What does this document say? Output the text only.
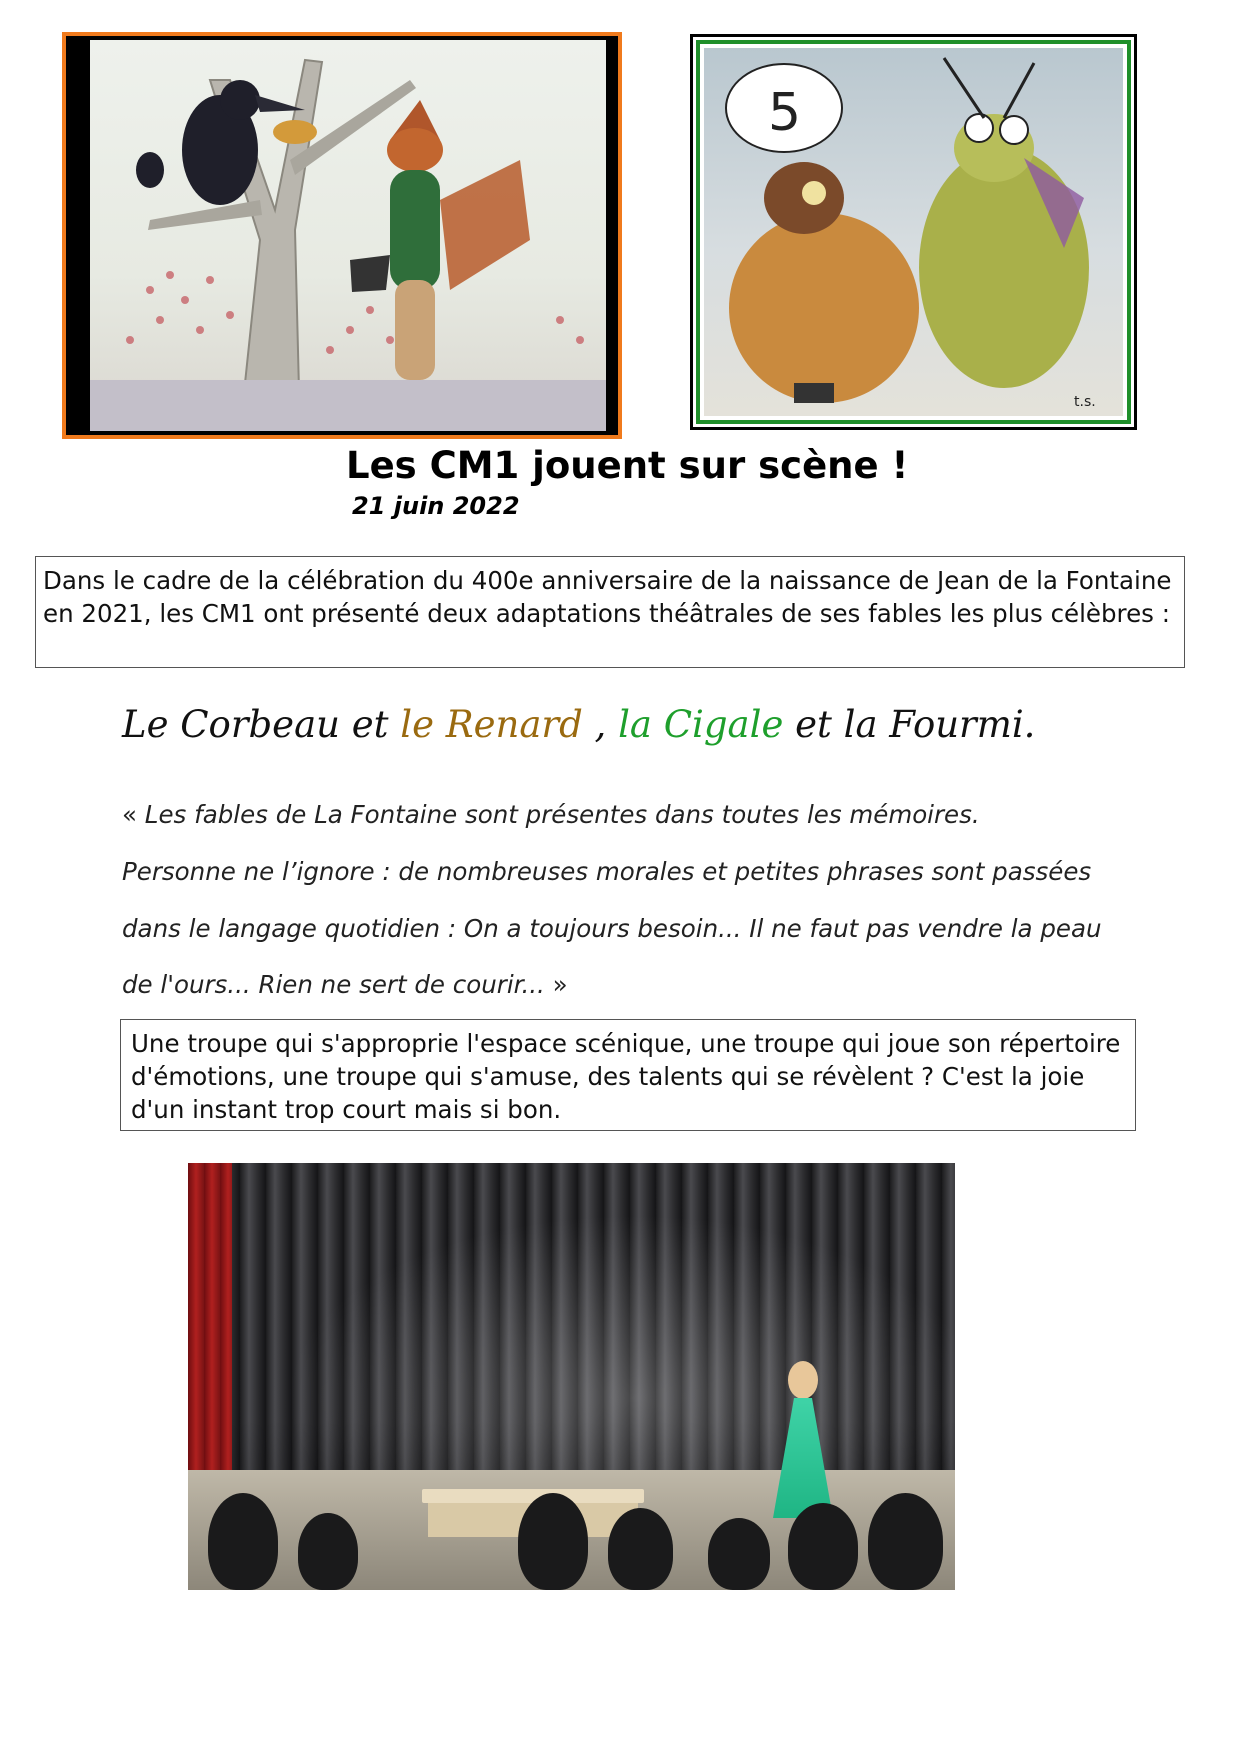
5
t.s.
Les CM1 jouent sur scène !
21 juin 2022
Dans le cadre de la célébration du 400e anniversaire de la naissance de Jean de la Fontaine en 2021, les CM1 ont présenté deux adaptations théâtrales de ses fables les plus célèbres :
Le Corbeau et le Renard , la Cigale et la Fourmi.
« Les fables de La Fontaine sont présentes dans toutes les mémoires.
Personne ne l’ignore : de nombreuses morales et petites phrases sont passées
dans le langage quotidien : On a toujours besoin... Il ne faut pas vendre la peau
de l'ours... Rien ne sert de courir... »
Une troupe qui s'approprie l'espace scénique, une troupe qui joue son répertoire d'émotions, une troupe qui s'amuse, des talents qui se révèlent ? C'est la joie d'un instant trop court mais si bon.
